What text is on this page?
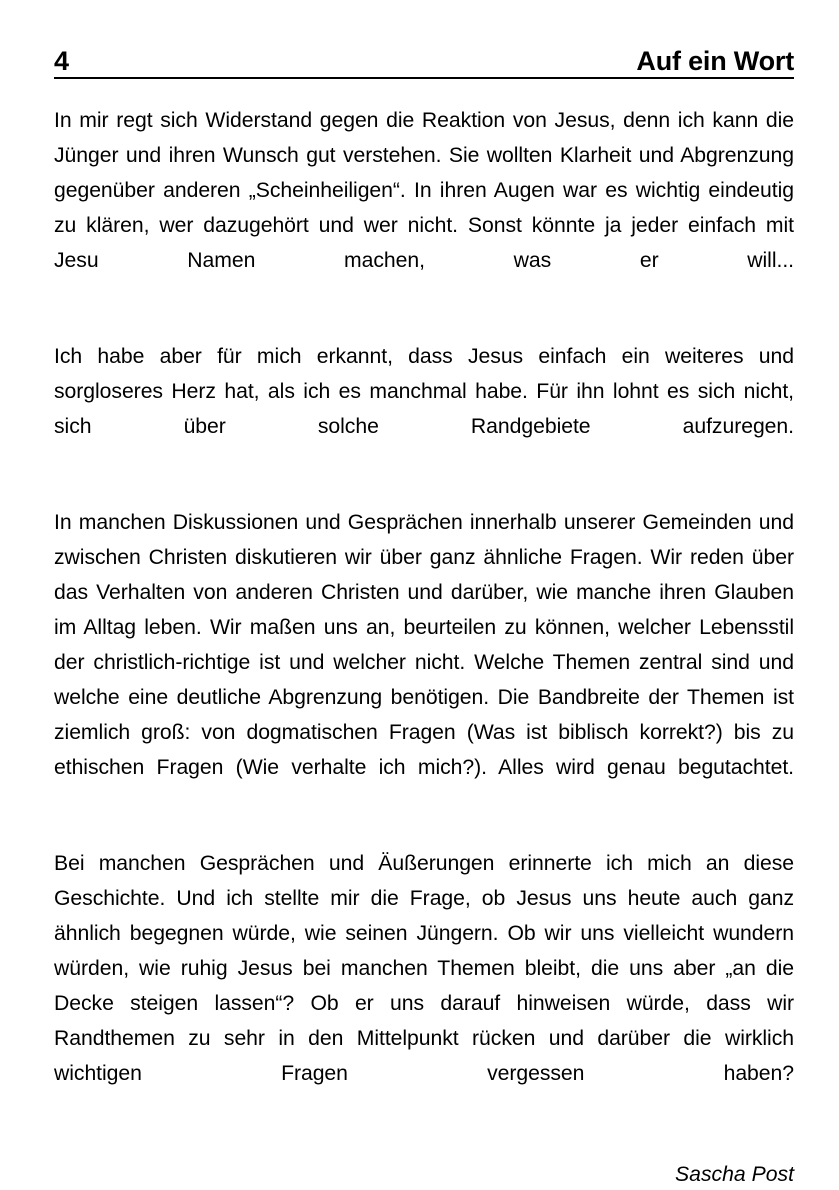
4	Auf ein Wort

In mir regt sich Widerstand gegen die Reaktion von Jesus, denn ich kann die Jünger und ihren Wunsch gut verstehen. Sie wollten Klarheit und Abgrenzung gegenüber anderen „Scheinheiligen“. In ihren Augen war es wichtig eindeutig zu klären, wer dazugehört und wer nicht. Sonst könnte ja jeder einfach mit Jesu Namen machen, was er will...

Ich habe aber für mich erkannt, dass Jesus einfach ein weiteres und sorgloseres Herz hat, als ich es manchmal habe. Für ihn lohnt es sich nicht, sich über solche Randgebiete aufzuregen.

In manchen Diskussionen und Gesprächen innerhalb unserer Gemeinden und zwischen Christen diskutieren wir über ganz ähnliche Fragen. Wir reden über das Verhalten von anderen Christen und darüber, wie manche ihren Glauben im Alltag leben. Wir maßen uns an, beurteilen zu können, welcher Lebensstil der christlich-richtige ist und welcher nicht. Welche Themen zentral sind und welche eine deutliche Abgrenzung benötigen. Die Bandbreite der Themen ist ziemlich groß: von dogmatischen Fragen (Was ist biblisch korrekt?) bis zu ethischen Fragen (Wie verhalte ich mich?). Alles wird genau begutachtet.

Bei manchen Gesprächen und Äußerungen erinnerte ich mich an diese Geschichte. Und ich stellte mir die Frage, ob Jesus uns heute auch ganz ähnlich begegnen würde, wie seinen Jüngern. Ob wir uns vielleicht wundern würden, wie ruhig Jesus bei manchen Themen bleibt, die uns aber „an die Decke steigen lassen“? Ob er uns darauf hinweisen würde, dass wir Randthemen zu sehr in den Mittelpunkt rücken und darüber die wirklich wichtigen Fragen vergessen haben?

Sascha Post
